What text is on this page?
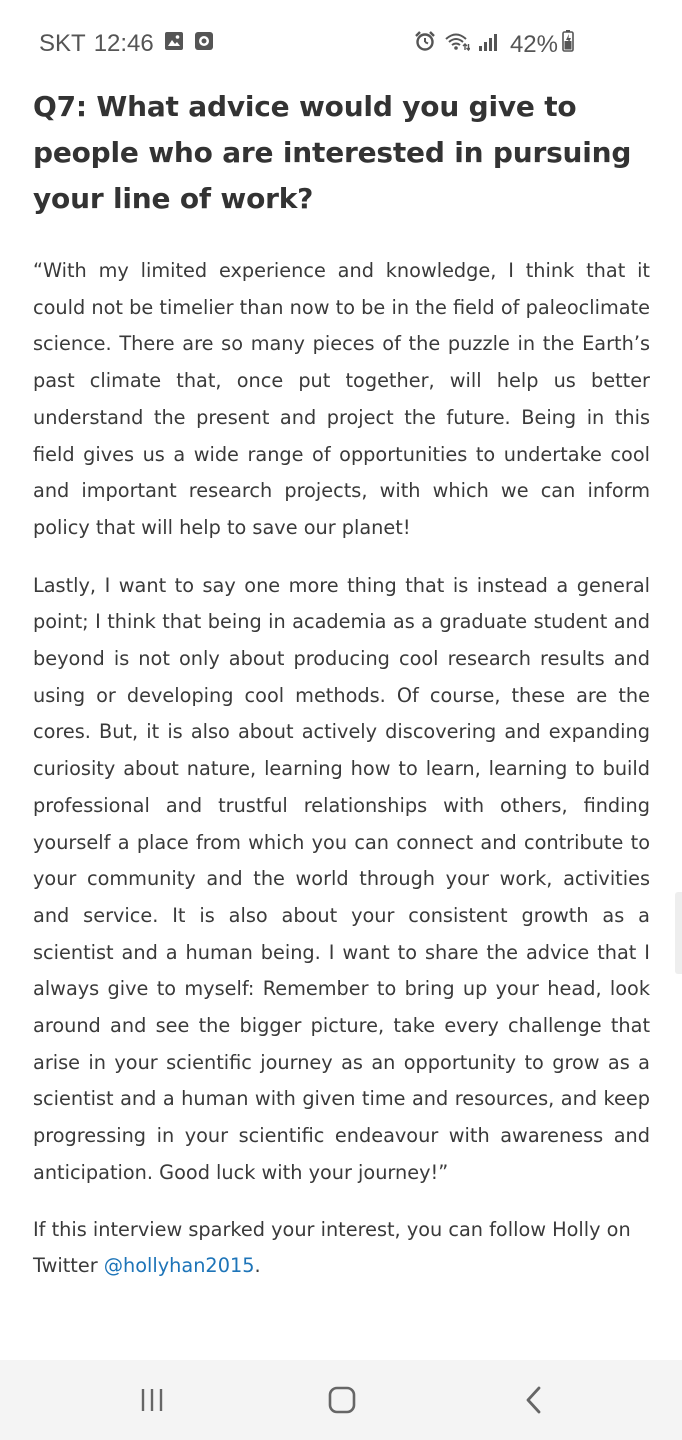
SKT 12:46	42%
Q7: What advice would you give to people who are interested in pursuing your line of work?

“With my limited experience and knowledge, I think that it could not be timelier than now to be in the field of paleoclimate science. There are so many pieces of the puzzle in the Earth’s past climate that, once put together, will help us better understand the present and project the future. Being in this field gives us a wide range of opportunities to undertake cool and important research projects, with which we can inform policy that will help to save our planet!

Lastly, I want to say one more thing that is instead a general point; I think that being in academia as a graduate student and beyond is not only about producing cool research results and using or developing cool methods. Of course, these are the cores. But, it is also about actively discovering and expanding curiosity about nature, learning how to learn, learning to build professional and trustful relationships with others, finding yourself a place from which you can connect and contribute to your community and the world through your work, activities and service. It is also about your consistent growth as a scientist and a human being. I want to share the advice that I always give to myself: Remember to bring up your head, look around and see the bigger picture, take every challenge that arise in your scientific journey as an opportunity to grow as a scientist and a human with given time and resources, and keep progressing in your scientific endeavour with awareness and anticipation. Good luck with your journey!”

If this interview sparked your interest, you can follow Holly on Twitter @hollyhan2015.
